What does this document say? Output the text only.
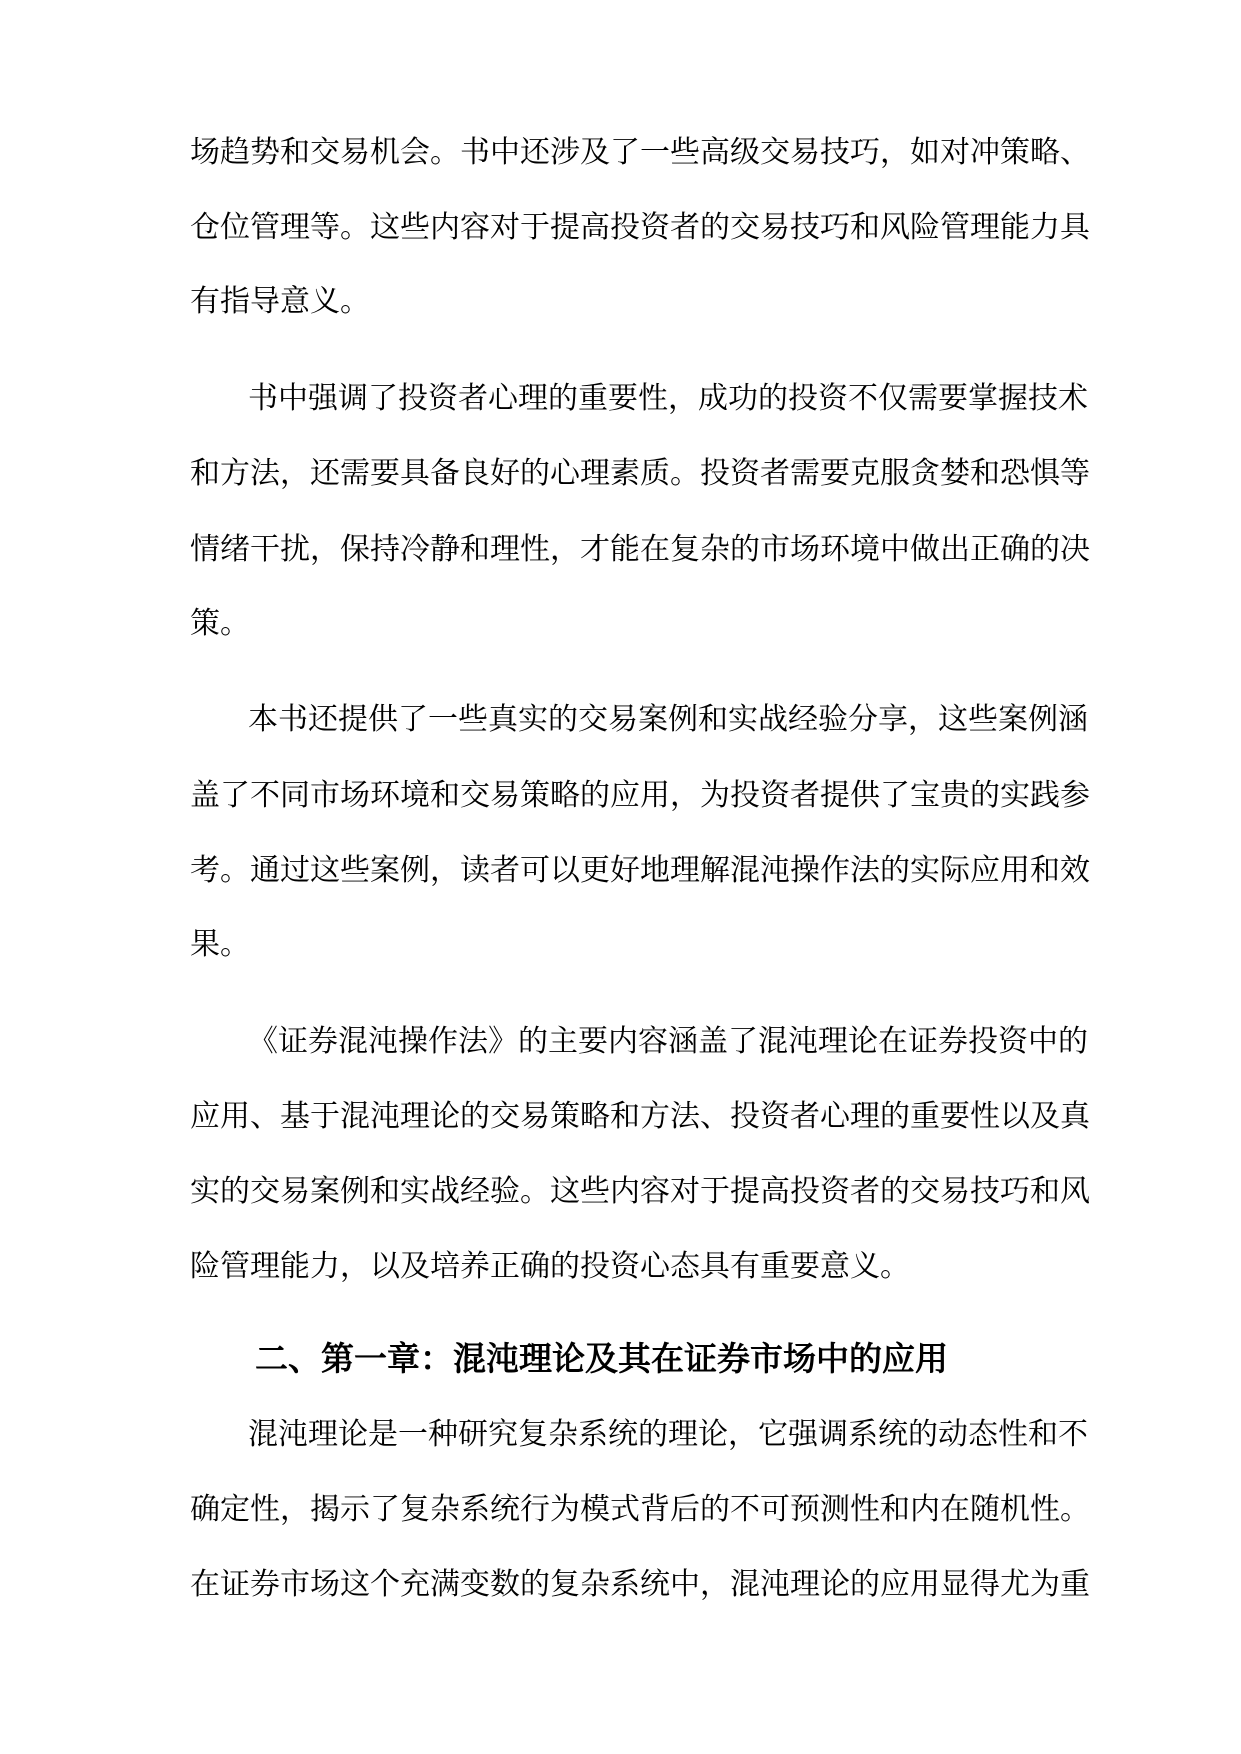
场趋势和交易机会。书中还涉及了一些高级交易技巧，如对冲策略、
仓位管理等。这些内容对于提高投资者的交易技巧和风险管理能力具
有指导意义。
书中强调了投资者心理的重要性，成功的投资不仅需要掌握技术
和方法，还需要具备良好的心理素质。投资者需要克服贪婪和恐惧等
情绪干扰，保持冷静和理性，才能在复杂的市场环境中做出正确的决
策。
本书还提供了一些真实的交易案例和实战经验分享，这些案例涵
盖了不同市场环境和交易策略的应用，为投资者提供了宝贵的实践参
考。通过这些案例，读者可以更好地理解混沌操作法的实际应用和效
果。
《证券混沌操作法》的主要内容涵盖了混沌理论在证券投资中的
应用、基于混沌理论的交易策略和方法、投资者心理的重要性以及真
实的交易案例和实战经验。这些内容对于提高投资者的交易技巧和风
险管理能力，以及培养正确的投资心态具有重要意义。
二、第一章：混沌理论及其在证券市场中的应用
混沌理论是一种研究复杂系统的理论，它强调系统的动态性和不
确定性，揭示了复杂系统行为模式背后的不可预测性和内在随机性。
在证券市场这个充满变数的复杂系统中，混沌理论的应用显得尤为重
